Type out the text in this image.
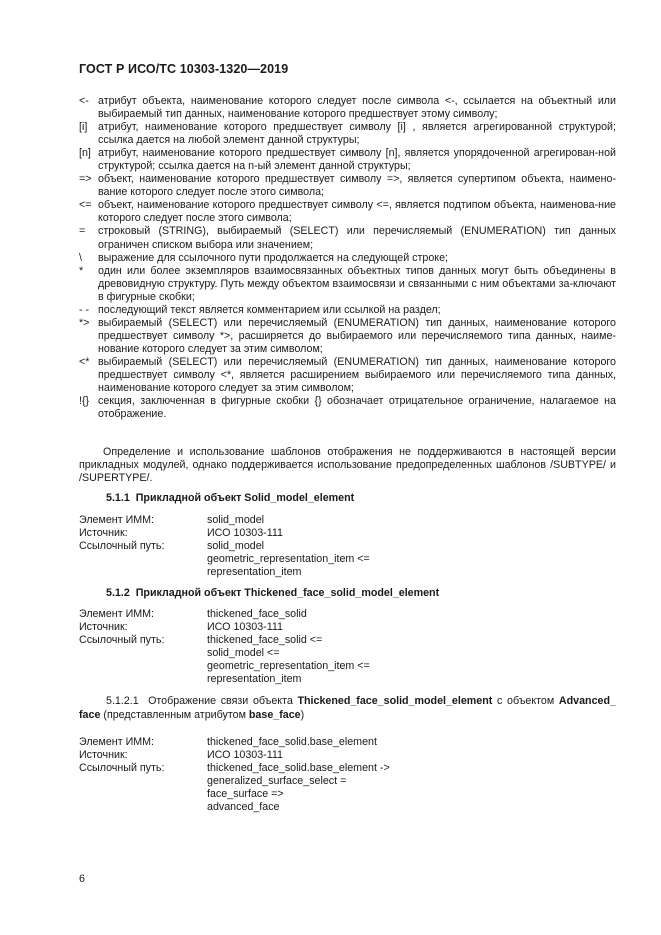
ГОСТ Р ИСО/ТС 10303-1320—2019
<- атрибут объекта, наименование которого следует после символа <-, ссылается на объектный или выбираемый тип данных, наименование которого предшествует этому символу;
[i] атрибут, наименование которого предшествует символу [i] , является агрегированной структурой; ссылка дается на любой элемент данной структуры;
[n] атрибут, наименование которого предшествует символу [n], является упорядоченной агрегирован-ной структурой; ссылка дается на n-ый элемент данной структуры;
=> объект, наименование которого предшествует символу =>, является супертипом объекта, наимено-вание которого следует после этого символа;
<= объект, наименование которого предшествует символу <=, является подтипом объекта, наименова-ние которого следует после этого символа;
=	строковый (STRING), выбираемый (SELECT) или перечисляемый (ENUMERATION) тип данных ограничен списком выбора или значением;
\	выражение для ссылочного пути продолжается на следующей строке;
*	один или более экземпляров взаимосвязанных объектных типов данных могут быть объединены в древовидную структуру. Путь между объектом взаимосвязи и связанными с ним объектами за-ключают в фигурные скобки;
- - последующий текст является комментарием или ссылкой на раздел;
*> выбираемый (SELECT) или перечисляемый (ENUMERATION) тип данных, наименование которого предшествует символу *>, расширяется до выбираемого или перечисляемого типа данных, наиме-нование которого следует за этим символом;
<* выбираемый (SELECT) или перечисляемый (ENUMERATION) тип данных, наименование которого предшествует символу <*, является расширением выбираемого или перечисляемого типа данных, наименование которого следует за этим символом;
!{} секция, заключенная в фигурные скобки {} обозначает отрицательное ограничение, налагаемое на отображение.
Определение и использование шаблонов отображения не поддерживаются в настоящей версии прикладных модулей, однако поддерживается использование предопределенных шаблонов /SUBTYPE/ и /SUPERTYPE/.
5.1.1 Прикладной объект Solid_model_element
Элемент ИММ:	solid_model
Источник:	ИСО 10303-111
Ссылочный путь:	solid_model
geometric_representation_item <=
representation_item
5.1.2 Прикладной объект Thickened_face_solid_model_element
Элемент ИММ:	thickened_face_solid
Источник:	ИСО 10303-111
Ссылочный путь:	thickened_face_solid <=
solid_model <=
geometric_representation_item <=
representation_item
5.1.2.1 Отображение связи объекта Thickened_face_solid_model_element с объектом Advanced_ face (представленным атрибутом base_face)
Элемент ИММ:	thickened_face_solid.base_element
Источник:	ИСО 10303-111
Ссылочный путь:	thickened_face_solid.base_element ->
generalized_surface_select =
face_surface =>
advanced_face
6
